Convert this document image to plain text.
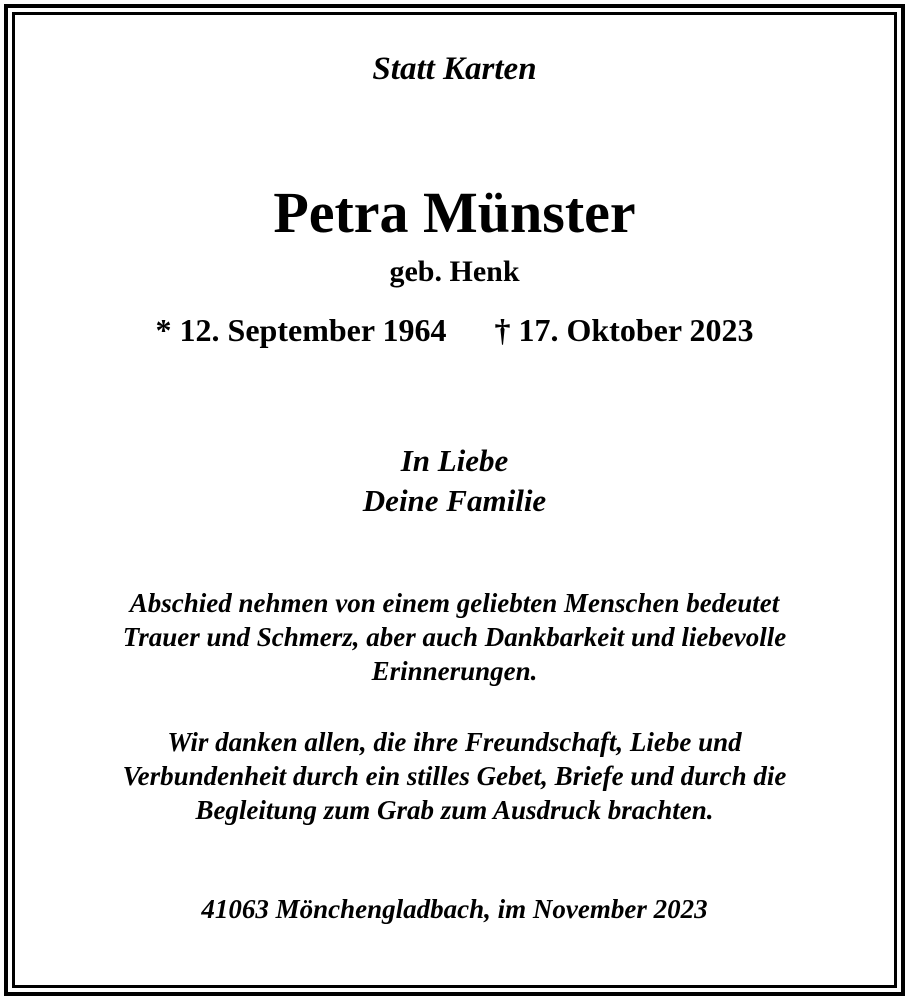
Statt Karten
Petra Münster
geb. Henk
* 12. September 1964 † 17. Oktober 2023
In Liebe
Deine Familie
Abschied nehmen von einem geliebten Menschen bedeutet
Trauer und Schmerz, aber auch Dankbarkeit und liebevolle
Erinnerungen.
Wir danken allen, die ihre Freundschaft, Liebe und
Verbundenheit durch ein stilles Gebet, Briefe und durch die
Begleitung zum Grab zum Ausdruck brachten.
41063 Mönchengladbach, im November 2023
